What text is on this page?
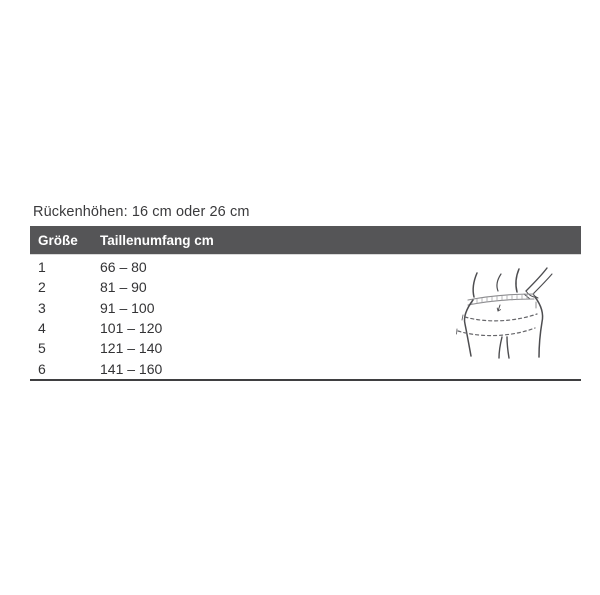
Rückenhöhen: 16 cm oder 26 cm
Größe	Taillenumfang cm
1	66 – 80
2	81 – 90
3	91 – 100
4	101 – 120
5	121 – 140
6	141 – 160
